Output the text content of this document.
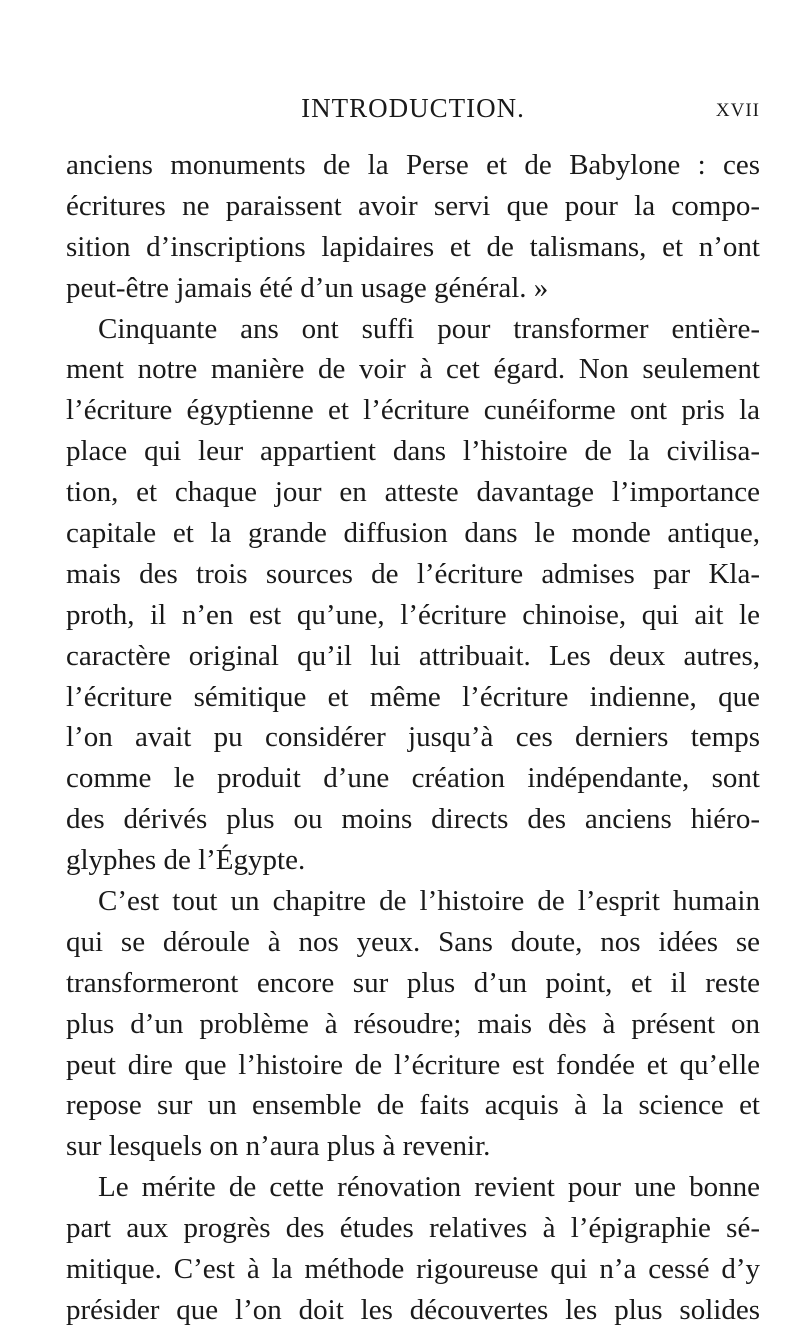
INTRODUCTION.	XVII
anciens monuments de la Perse et de Babylone : ces
écritures ne paraissent avoir servi que pour la compo-
sition d’inscriptions lapidaires et de talismans, et n’ont
peut-être jamais été d’un usage général. »
Cinquante ans ont suffi pour transformer entière-
ment notre manière de voir à cet égard. Non seulement
l’écriture égyptienne et l’écriture cunéiforme ont pris la
place qui leur appartient dans l’histoire de la civilisa-
tion, et chaque jour en atteste davantage l’importance
capitale et la grande diffusion dans le monde antique,
mais des trois sources de l’écriture admises par Kla-
proth, il n’en est qu’une, l’écriture chinoise, qui ait le
caractère original qu’il lui attribuait. Les deux autres,
l’écriture sémitique et même l’écriture indienne, que
l’on avait pu considérer jusqu’à ces derniers temps
comme le produit d’une création indépendante, sont
des dérivés plus ou moins directs des anciens hiéro-
glyphes de l’Égypte.
C’est tout un chapitre de l’histoire de l’esprit humain
qui se déroule à nos yeux. Sans doute, nos idées se
transformeront encore sur plus d’un point, et il reste
plus d’un problème à résoudre; mais dès à présent on
peut dire que l’histoire de l’écriture est fondée et qu’elle
repose sur un ensemble de faits acquis à la science et
sur lesquels on n’aura plus à revenir.
Le mérite de cette rénovation revient pour une bonne
part aux progrès des études relatives à l’épigraphie sé-
mitique. C’est à la méthode rigoureuse qui n’a cessé d’y
présider que l’on doit les découvertes les plus solides
